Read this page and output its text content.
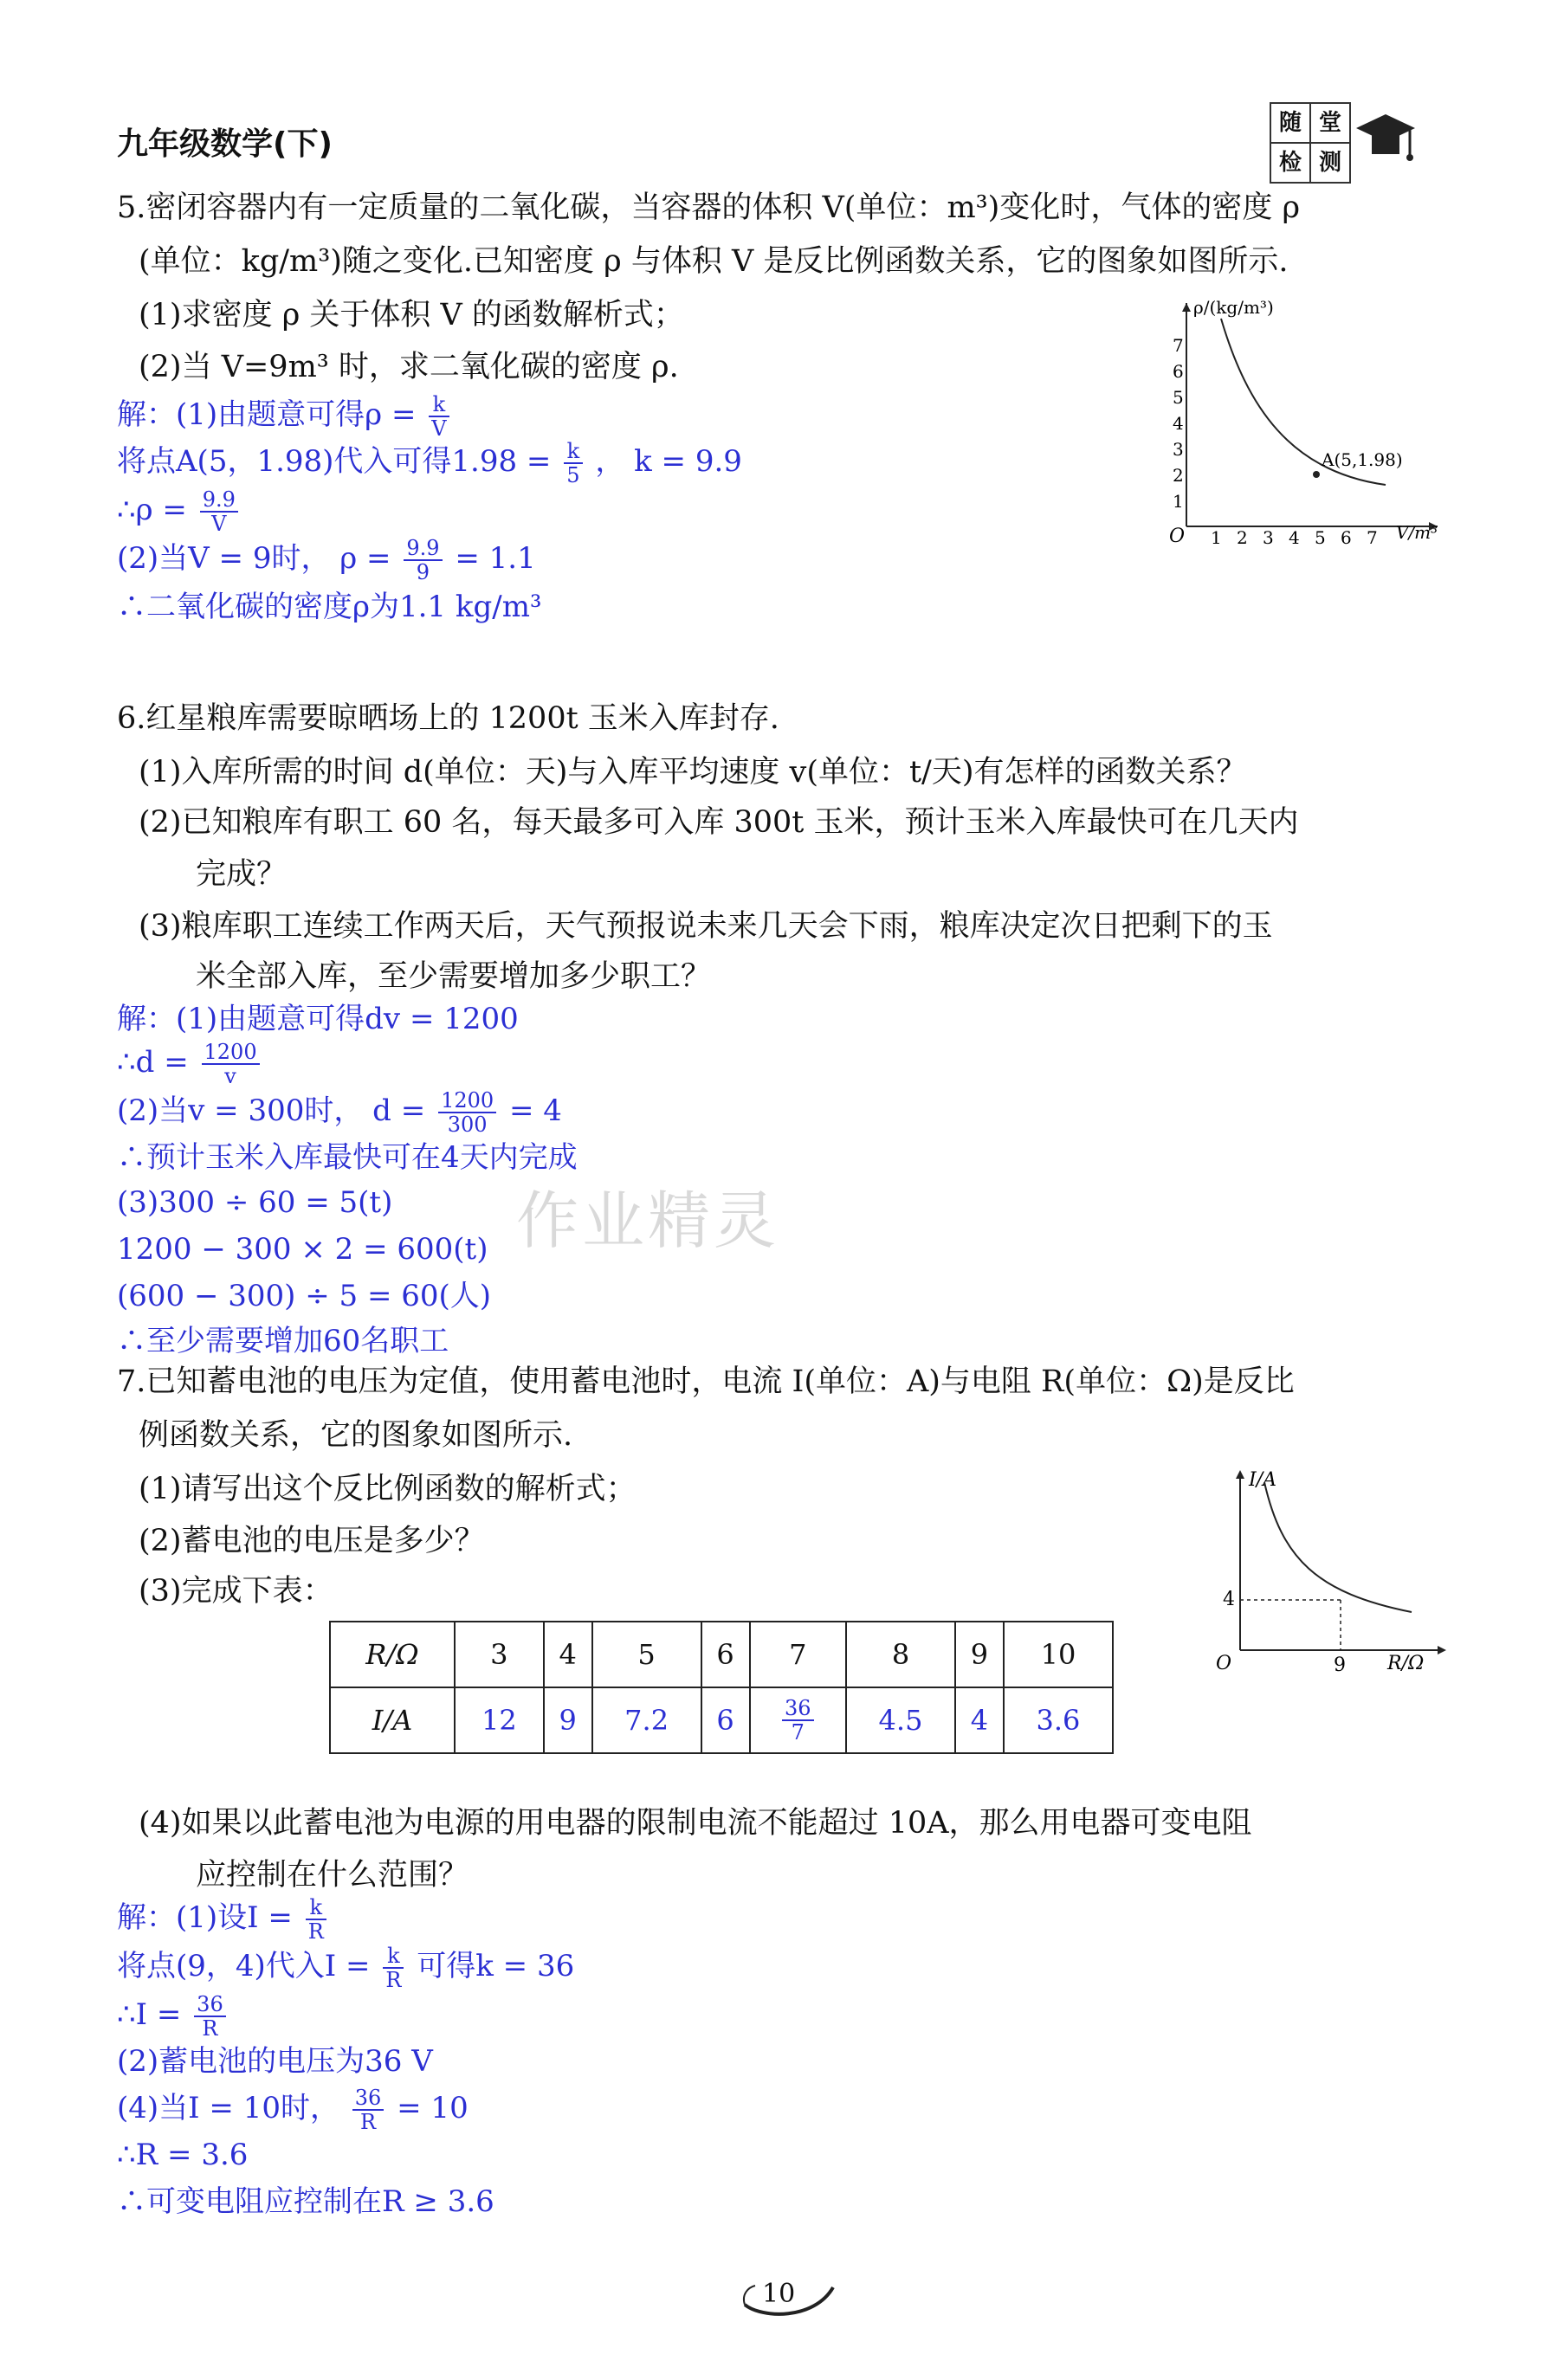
九年级数学(下)
随 堂
检 测
5.密闭容器内有一定质量的二氧化碳，当容器的体积 V(单位：m³)变化时，气体的密度 ρ
(单位：kg/m³)随之变化.已知密度 ρ 与体积 V 是反比例函数关系，它的图象如图所示.
(1)求密度 ρ 关于体积 V 的函数解析式；
(2)当 V=9m³ 时，求二氧化碳的密度 ρ.
解：(1)由题意可得$\rho = \frac{k}{V}$
将点A(5，1.98)代入可得$1.98 = \frac{k}{5}$ ， k = 9.9
∴ρ = $\frac{9.9}{V}$
(2)当V = 9时， $\rho = \frac{9.9}{9} = 1.1$
∴二氧化碳的密度ρ为1.1 kg/m³
ρ/(kg/m³)
V/m³
O 1 2 3 4 5 6 7
1
2
3
4
5
6
7
A(5,1.98)
6.红星粮库需要晾晒场上的 1200t 玉米入库封存.
(1)入库所需的时间 d(单位：天)与入库平均速度 v(单位：t/天)有怎样的函数关系？
(2)已知粮库有职工 60 名，每天最多可入库 300t 玉米，预计玉米入库最快可在几天内
完成？
(3)粮库职工连续工作两天后，天气预报说未来几天会下雨，粮库决定次日把剩下的玉
米全部入库，至少需要增加多少职工？
解：(1)由题意可得dv = 1200
∴d = $\frac{1200}{v}$
(2)当v = 300时， $d = \frac{1200}{300} = 4$
∴预计玉米入库最快可在4天内完成
(3)300 ÷ 60 = 5(t)
1200 − 300 × 2 = 600(t)
(600 − 300) ÷ 5 = 60(人)
∴至少需要增加60名职工
作业精灵
7.已知蓄电池的电压为定值，使用蓄电池时，电流 I(单位：A)与电阻 R(单位：Ω)是反比
例函数关系，它的图象如图所示.
(1)请写出这个反比例函数的解析式；
(2)蓄电池的电压是多少？
(3)完成下表：
R/Ω	3	4	5	6	7	8	9	10
I/A	12	9	7.2	6	$\frac{36}{7}$	4.5	4	3.6
I/A
R/Ω
O
4
9
(4)如果以此蓄电池为电源的用电器的限制电流不能超过 10A，那么用电器可变电阻
应控制在什么范围？
解：(1)设$I = \frac{k}{R}$
将点(9，4)代入$I = \frac{k}{R}$ 可得k = 36
∴I = $\frac{36}{R}$
(2)蓄电池的电压为36 V
(4)当I = 10时， $\frac{36}{R} = 10$
∴R = 3.6
∴可变电阻应控制在R ≥ 3.6
10
